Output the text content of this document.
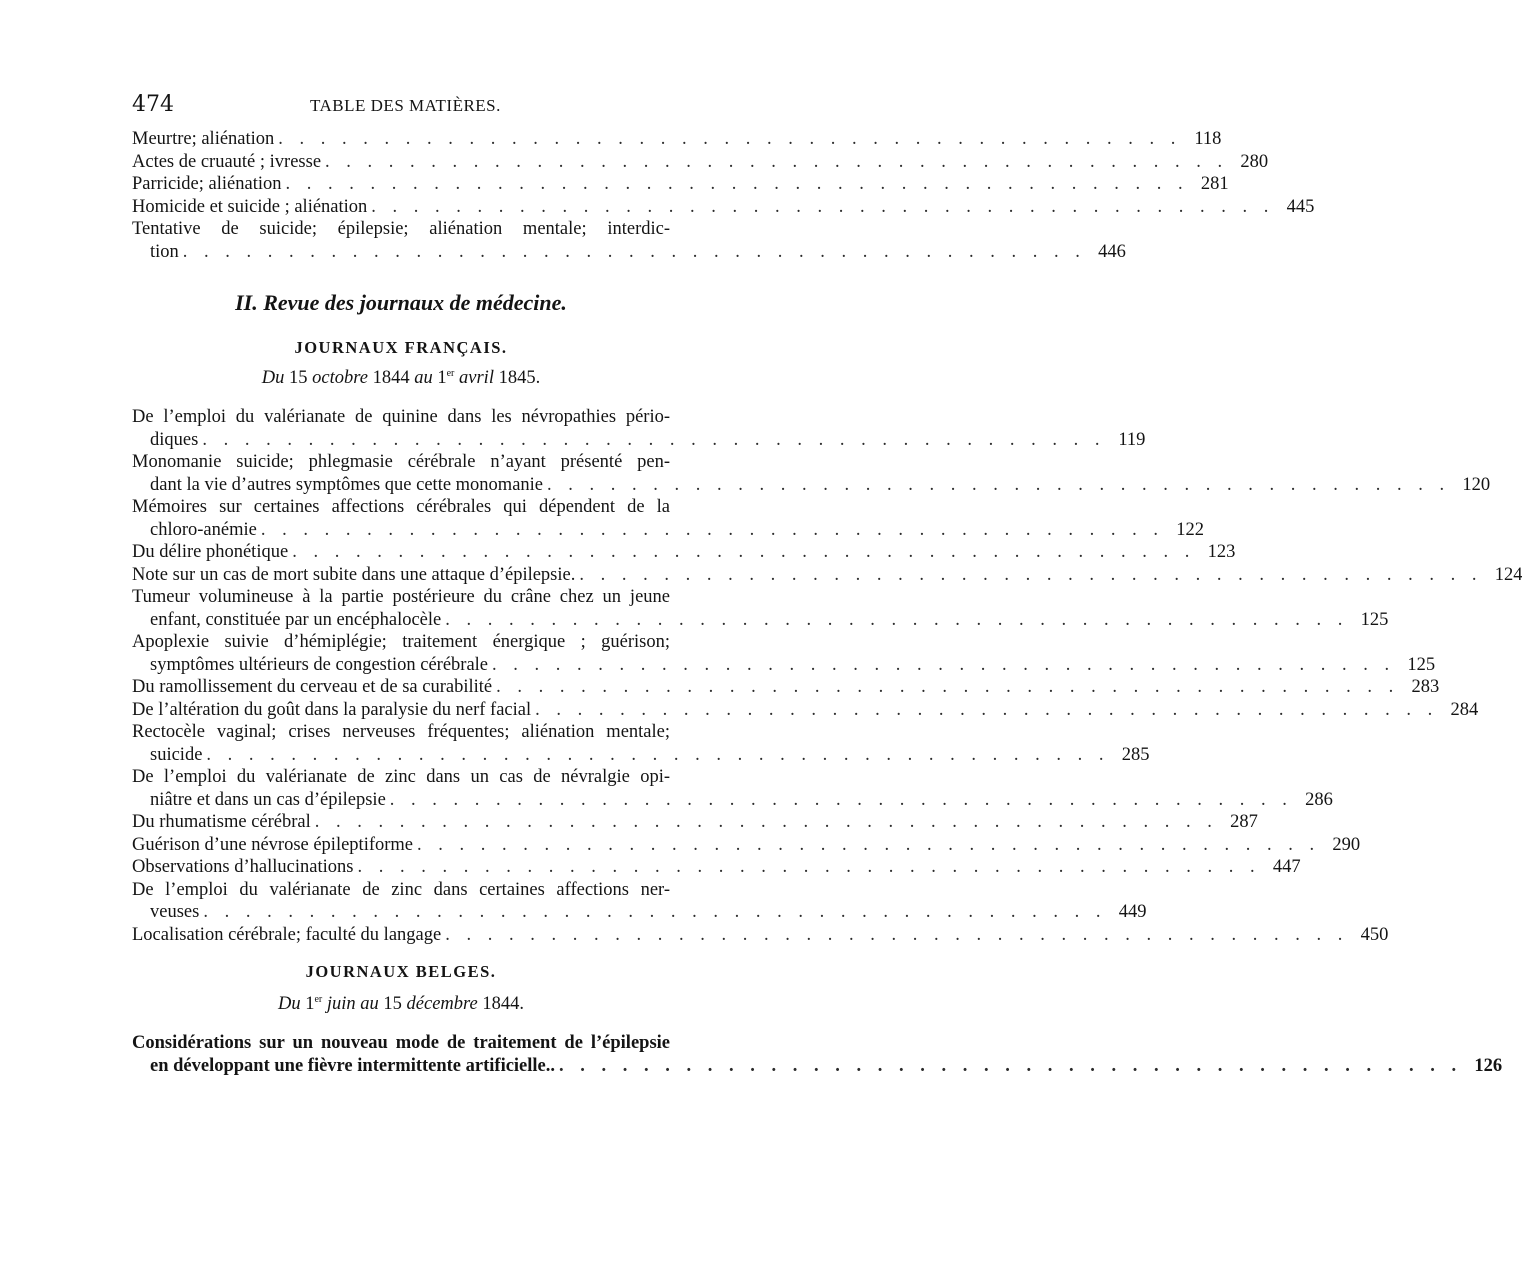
474	TABLE DES MATIÈRES.
Meurtre; aliénation . . . . . . . . . . . . . . . . . . . . . . . . . . . . . . . . . . . . . . . . . . . 118
Actes de cruauté ; ivresse . . . . . . . . . . . . . . . . . . . . . . . . . . . . . . . . . . . . . . . . . . . 280
Parricide; aliénation . . . . . . . . . . . . . . . . . . . . . . . . . . . . . . . . . . . . . . . . . . . 281
Homicide et suicide ; aliénation . . . . . . . . . . . . . . . . . . . . . . . . . . . . . . . . . . . . . . . . . . . 445
Tentative de suicide; épilepsie; aliénation mentale; interdic-
tion . . . . . . . . . . . . . . . . . . . . . . . . . . . . . . . . . . . . . . . . . . . 446
II. Revue des journaux de médecine.
JOURNAUX FRANÇAIS.
Du 15 octobre 1844 au 1er avril 1845.
De l’emploi du valérianate de quinine dans les névropathies pério-
diques . . . . . . . . . . . . . . . . . . . . . . . . . . . . . . . . . . . . . . . . . . . 119
Monomanie suicide; phlegmasie cérébrale n’ayant présenté pen-
dant la vie d’autres symptômes que cette monomanie . . . . . . . . . . . . . . . . . . . . . . . . . . . . . . . . . . . . . . . . . . . 120
Mémoires sur certaines affections cérébrales qui dépendent de la
chloro-anémie . . . . . . . . . . . . . . . . . . . . . . . . . . . . . . . . . . . . . . . . . . . 122
Du délire phonétique . . . . . . . . . . . . . . . . . . . . . . . . . . . . . . . . . . . . . . . . . . . 123
Note sur un cas de mort subite dans une attaque d’épilepsie. . . . . . . . . . . . . . . . . . . . . . . . . . . . . . . . . . . . . . . . . . . . 124
Tumeur volumineuse à la partie postérieure du crâne chez un jeune
enfant, constituée par un encéphalocèle . . . . . . . . . . . . . . . . . . . . . . . . . . . . . . . . . . . . . . . . . . . 125
Apoplexie suivie d’hémiplégie; traitement énergique ; guérison;
symptômes ultérieurs de congestion cérébrale . . . . . . . . . . . . . . . . . . . . . . . . . . . . . . . . . . . . . . . . . . . 125
Du ramollissement du cerveau et de sa curabilité . . . . . . . . . . . . . . . . . . . . . . . . . . . . . . . . . . . . . . . . . . . 283
De l’altération du goût dans la paralysie du nerf facial . . . . . . . . . . . . . . . . . . . . . . . . . . . . . . . . . . . . . . . . . . . 284
Rectocèle vaginal; crises nerveuses fréquentes; aliénation mentale;
suicide . . . . . . . . . . . . . . . . . . . . . . . . . . . . . . . . . . . . . . . . . . . 285
De l’emploi du valérianate de zinc dans un cas de névralgie opi-
niâtre et dans un cas d’épilepsie . . . . . . . . . . . . . . . . . . . . . . . . . . . . . . . . . . . . . . . . . . . 286
Du rhumatisme cérébral . . . . . . . . . . . . . . . . . . . . . . . . . . . . . . . . . . . . . . . . . . . 287
Guérison d’une névrose épileptiforme . . . . . . . . . . . . . . . . . . . . . . . . . . . . . . . . . . . . . . . . . . . 290
Observations d’hallucinations . . . . . . . . . . . . . . . . . . . . . . . . . . . . . . . . . . . . . . . . . . . 447
De l’emploi du valérianate de zinc dans certaines affections ner-
veuses . . . . . . . . . . . . . . . . . . . . . . . . . . . . . . . . . . . . . . . . . . . 449
Localisation cérébrale; faculté du langage . . . . . . . . . . . . . . . . . . . . . . . . . . . . . . . . . . . . . . . . . . . 450
JOURNAUX BELGES.
Du 1er juin au 15 décembre 1844.
Considérations sur un nouveau mode de traitement de l’épilepsie
en développant une fièvre intermittente artificielle.. . . . . . . . . . . . . . . . . . . . . . . . . . . . . . . . . . . . . . . . . . . . 126
